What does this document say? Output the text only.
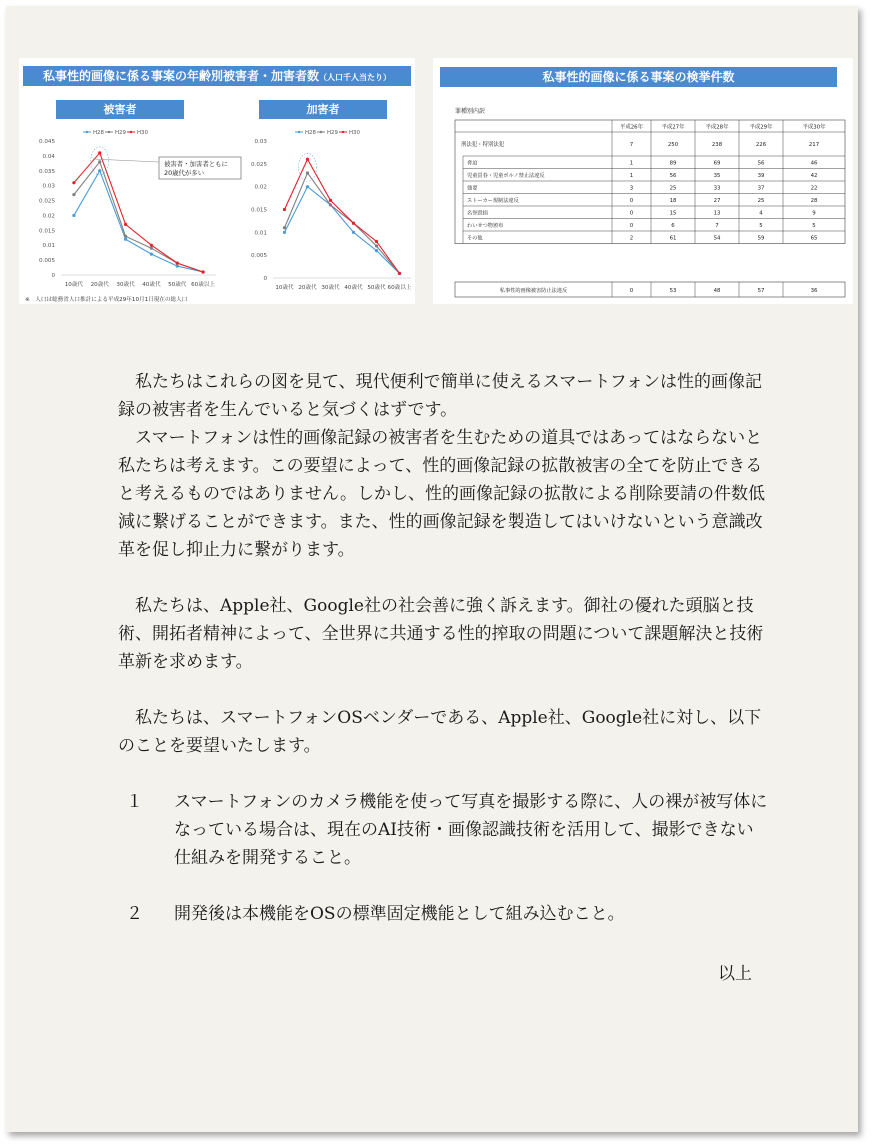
私事性的画像に係る事案の年齢別被害者・加害者数（人口千人当たり）
被害者	加害者
0
0.005
0.01
0.015
0.02
0.025
0.03
0.035
0.04
0.045
10歳代 20歳代 30歳代 40歳代 50歳代 60歳以上
H28 H29 H30
0
0.005
0.01
0.015
0.02
0.025
0.03
10歳代 20歳代 30歳代 40歳代 50歳代 60歳以上
H28 H29 H30
被害者・加害者ともに
20歳代が多い
※　人口は総務省人口推計による平成29年10月1日現在の総人口
私事性的画像に係る事案の検挙件数
罪種別内訳
平成26年	平成27年	平成28年	平成29年	平成30年
刑法犯・特別法犯	7	250	238	226	217
脅迫	1	89	69	56	46
児童買春・児童ポルノ禁止法違反	1	56	35	39	42
強要	3	25	33	37	22
ストーカー規制法違反	0	18	27	25	28
名誉毀損	0	15	13	4	9
わいせつ物頒布	0	6	7	5	5
その他	2	61	54	59	65
私事性的画像被害防止法違反	0	53	48	57	36

私たちはこれらの図を見て、現代便利で簡単に使えるスマートフォンは性的画像記録の被害者を生んでいると気づくはずです。

スマートフォンは性的画像記録の被害者を生むための道具ではあってはならないと私たちは考えます。この要望によって、性的画像記録の拡散被害の全てを防止できると考えるものではありません。しかし、性的画像記録の拡散による削除要請の件数低減に繋げることができます。また、性的画像記録を製造してはいけないという意識改革を促し抑止力に繋がります。

私たちは、Apple社、Google社の社会善に強く訴えます。御社の優れた頭脳と技術、開拓者精神によって、全世界に共通する性的搾取の問題について課題解決と技術革新を求めます。

私たちは、スマートフォンOSベンダーである、Apple社、Google社に対し、以下のことを要望いたします。

１ スマートフォンのカメラ機能を使って写真を撮影する際に、人の裸が被写体になっている場合は、現在のAI技術・画像認識技術を活用して、撮影できない仕組みを開発すること。
２ 開発後は本機能をOSの標準固定機能として組み込むこと。
以上
